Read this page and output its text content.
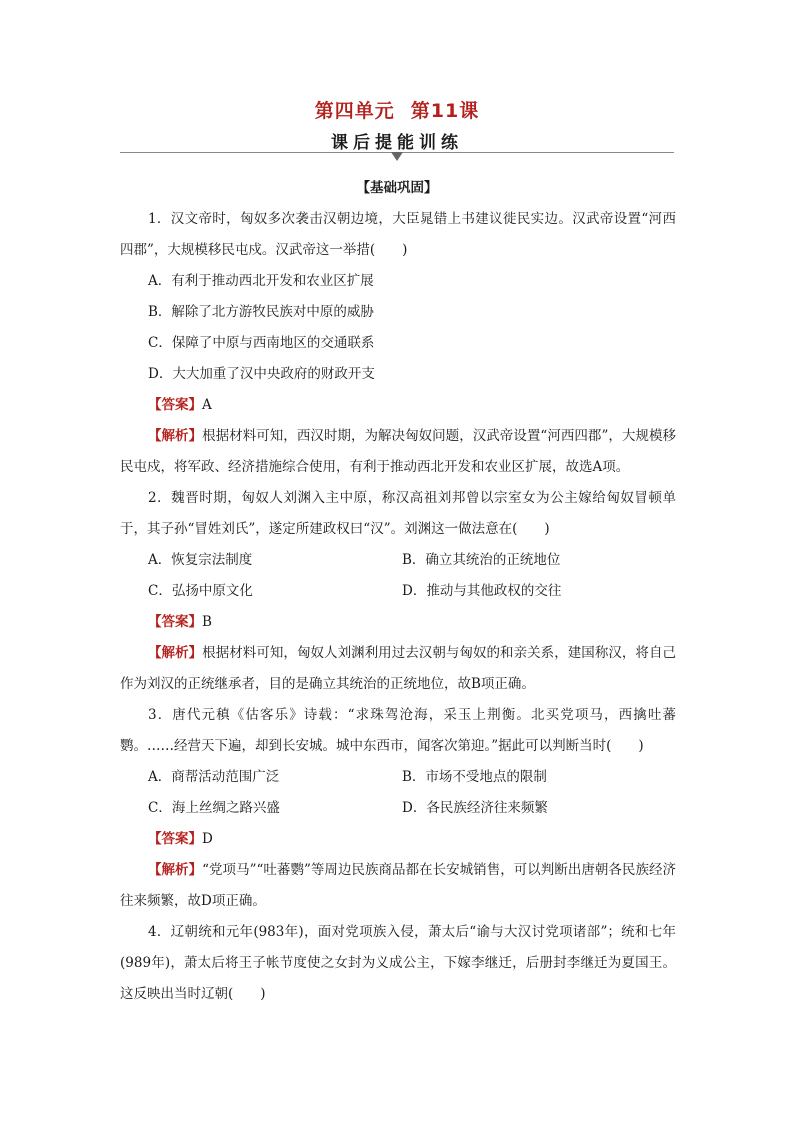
第四单元 第11课
课后提能训练
【基础巩固】

1．汉文帝时，匈奴多次袭击汉朝边境，大臣晁错上书建议徙民实边。汉武帝设置“河西四郡”，大规模移民屯戍。汉武帝这一举措(　　)

A．有利于推动西北开发和农业区扩展

B．解除了北方游牧民族对中原的威胁

C．保障了中原与西南地区的交通联系

D．大大加重了汉中央政府的财政开支

【答案】A

【解析】根据材料可知，西汉时期，为解决匈奴问题，汉武帝设置“河西四郡”，大规模移民屯戍，将军政、经济措施综合使用，有利于推动西北开发和农业区扩展，故选A项。

2．魏晋时期，匈奴人刘渊入主中原，称汉高祖刘邦曾以宗室女为公主嫁给匈奴冒顿单于，其子孙“冒姓刘氏”，遂定所建政权曰“汉”。刘渊这一做法意在(　　)

A．恢复宗法制度	B．确立其统治的正统地位

C．弘扬中原文化	D．推动与其他政权的交往

【答案】B

【解析】根据材料可知，匈奴人刘渊利用过去汉朝与匈奴的和亲关系，建国称汉，将自己作为刘汉的正统继承者，目的是确立其统治的正统地位，故B项正确。

3．唐代元稹《估客乐》诗载：“求珠驾沧海，采玉上荆衡。北买党项马，西擒吐蕃鹦。……经营天下遍，却到长安城。城中东西市，闻客次第迎。”据此可以判断当时(　　)

A．商帮活动范围广泛	B．市场不受地点的限制

C．海上丝绸之路兴盛	D．各民族经济往来频繁

【答案】D

【解析】“党项马”“吐蕃鹦”等周边民族商品都在长安城销售，可以判断出唐朝各民族经济往来频繁，故D项正确。

4．辽朝统和元年(983年)，面对党项族入侵，萧太后“谕与大汉讨党项诸部”；统和七年(989年)，萧太后将王子帐节度使之女封为义成公主，下嫁李继迁，后册封李继迁为夏国王。这反映出当时辽朝(　　)
